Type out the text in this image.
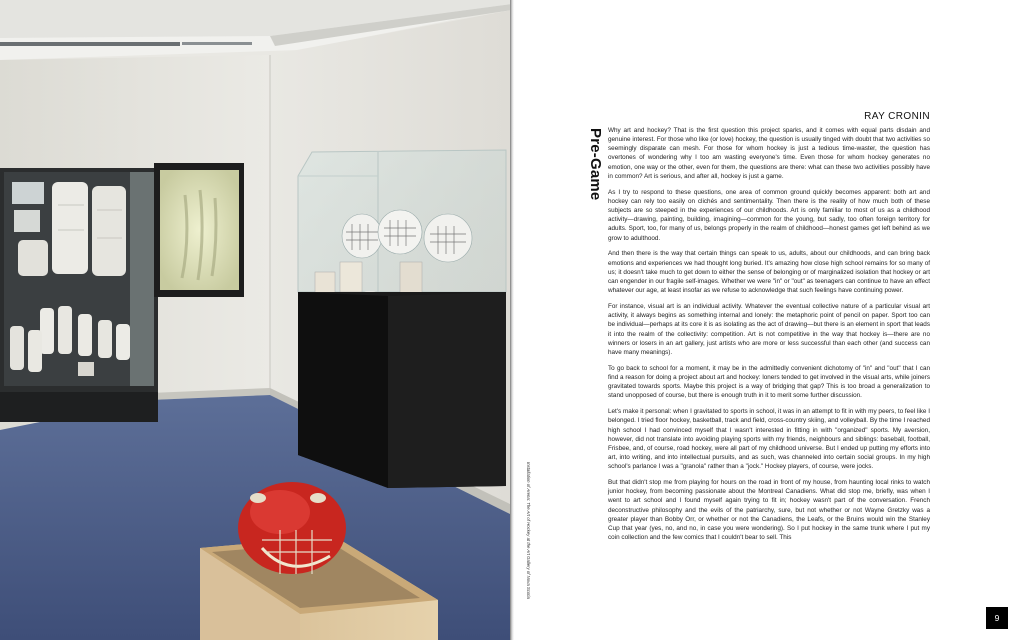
Installation of Arena: The Art of Hockey at the Art Gallery of Nova Scotia
Pre-Game
RAY CRONIN

Why art and hockey? That is the first question this project sparks, and it comes with equal parts disdain and genuine interest. For those who like (or love) hockey, the question is usually tinged with doubt that two activities so seemingly disparate can mesh. For those for whom hockey is just a tedious time-waster, the question has overtones of wondering why I too am wasting everyone's time. Even those for whom hockey generates no emotion, one way or the other, even for them, the questions are there: what can these two activities possibly have in common? Art is serious, and after all, hockey is just a game.

As I try to respond to these questions, one area of common ground quickly becomes apparent: both art and hockey can rely too easily on clichés and sentimentality. Then there is the reality of how much both of these subjects are so steeped in the experiences of our childhoods. Art is only familiar to most of us as a childhood activity—drawing, painting, building, imagining—common for the young, but sadly, too often foreign territory for adults. Sport, too, for many of us, belongs properly in the realm of childhood—honest games get left behind as we grow to adulthood.

And then there is the way that certain things can speak to us, adults, about our childhoods, and can bring back emotions and experiences we had thought long buried. It's amazing how close high school remains for so many of us; it doesn't take much to get down to either the sense of belonging or of marginalized isolation that hockey or art can engender in our fragile self-images. Whether we were "in" or "out" as teenagers can continue to have an effect whatever our age, at least insofar as we refuse to acknowledge that such feelings have continuing power.

For instance, visual art is an individual activity. Whatever the eventual collective nature of a particular visual art activity, it always begins as something internal and lonely: the metaphoric point of pencil on paper. Sport too can be individual—perhaps at its core it is as isolating as the act of drawing—but there is an element in sport that leads it into the realm of the collectivity: competition. Art is not competitive in the way that hockey is—there are no winners or losers in an art gallery, just artists who are more or less successful than each other (and success can have many meanings).

To go back to school for a moment, it may be in the admittedly convenient dichotomy of "in" and "out" that I can find a reason for doing a project about art and hockey: loners tended to get involved in the visual arts, while joiners gravitated towards sports. Maybe this project is a way of bridging that gap? This is too broad a generalization to stand unopposed of course, but there is enough truth in it to merit some further discussion.

Let's make it personal: when I gravitated to sports in school, it was in an attempt to fit in with my peers, to feel like I belonged. I tried floor hockey, basketball, track and field, cross-country skiing, and volleyball. By the time I reached high school I had convinced myself that I wasn't interested in fitting in with "organized" sports. My aversion, however, did not translate into avoiding playing sports with my friends, neighbours and siblings: baseball, football, Frisbee, and, of course, road hockey, were all part of my childhood universe. But I ended up putting my efforts into art, into writing, and into intellectual pursuits, and as such, was channeled into certain social groups. In my high school's parlance I was a "granola" rather than a "jock." Hockey players, of course, were jocks.

But that didn't stop me from playing for hours on the road in front of my house, from haunting local rinks to watch junior hockey, from becoming passionate about the Montreal Canadiens. What did stop me, briefly, was when I went to art school and I found myself again trying to fit in; hockey wasn't part of the conversation. French deconstructive philosophy and the evils of the patriarchy, sure, but not whether or not Wayne Gretzky was a greater player than Bobby Orr, or whether or not the Canadiens, the Leafs, or the Bruins would win the Stanley Cup that year (yes, no, and no, in case you were wondering). So I put hockey in the same trunk where I put my coin collection and the few comics that I couldn't bear to sell. This

9
